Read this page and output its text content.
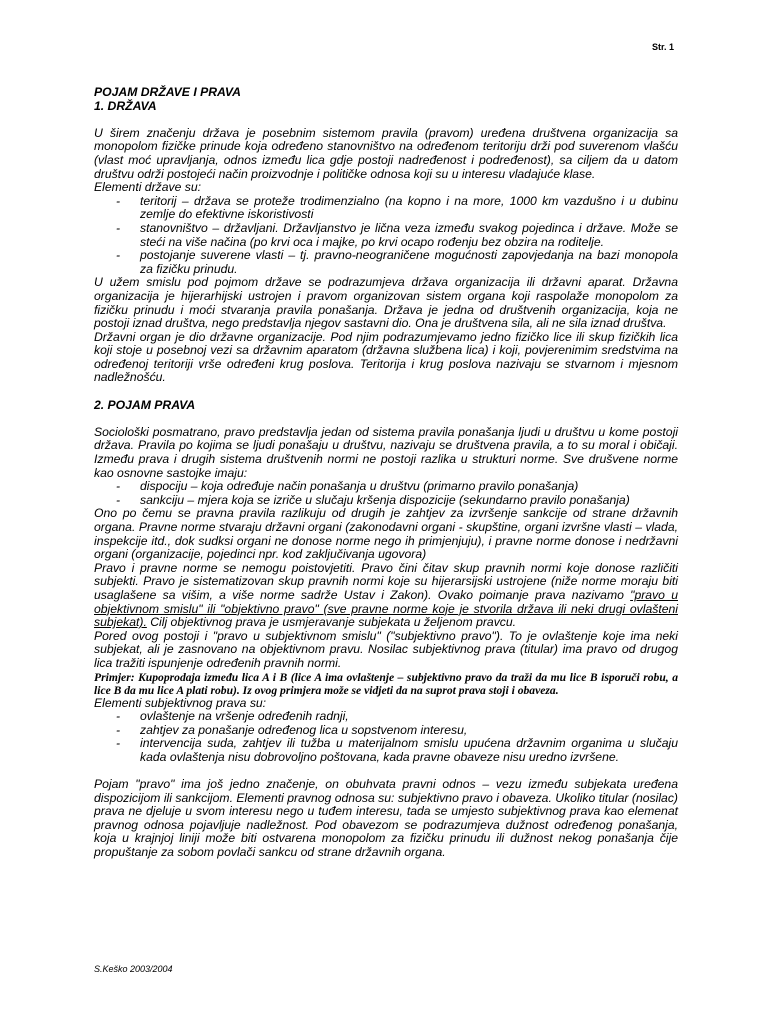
Str. 1

POJAM DRŽAVE I PRAVA

1. DRŽAVA

U širem značenju država je posebnim sistemom pravila (pravom) uređena društvena organizacija sa monopolom fizičke prinude koja određeno stanovništvo na određenom teritoriju drži pod suverenom vlašću (vlast moć upravljanja, odnos između lica gdje postoji nadređenost i podređenost), sa ciljem da u datom društvu održi postojeći način proizvodnje i političke odnosa koji su u interesu vladajuće klase.

Elementi države su:

- teritorij – država se proteže trodimenzialno (na kopno i na more, 1000 km vazdušno i u dubinu zemlje do efektivne iskoristivosti
- stanovništvo – državljani. Državljanstvo je lična veza između svakog pojedinca i države. Može se steći na više načina (po krvi oca i majke, po krvi ocapo rođenju bez obzira na roditelje.
- postojanje suverene vlasti – tj. pravno-neograničene mogućnosti zapovjedanja na bazi monopola za fizičku prinudu.

U užem smislu pod pojmom države se podrazumjeva država organizacija ili državni aparat. Državna organizacija je hijerarhijski ustrojen i pravom organizovan sistem organa koji raspolaže monopolom za fizičku prinudu i moći stvaranja pravila ponašanja. Država je jedna od društvenih organizacija, koja ne postoji iznad društva, nego predstavlja njegov sastavni dio. Ona je društvena sila, ali ne sila iznad društva.

Državni organ je dio državne organizacije. Pod njim podrazumjevamo jedno fizičko lice ili skup fizičkih lica koji stoje u posebnoj vezi sa državnim aparatom (državna službena lica) i koji, povjerenimim sredstvima na određenoj teritoriji vrše određeni krug poslova. Teritorija i krug poslova nazivaju se stvarnom i mjesnom nadležnošću.

2. POJAM PRAVA

Sociološki posmatrano, pravo predstavlja jedan od sistema pravila ponašanja ljudi u društvu u kome postoji država. Pravila po kojima se ljudi ponašaju u društvu, nazivaju se društvena pravila, a to su moral i običaji. Između prava i drugih sistema društvenih normi ne postoji razlika u strukturi norme. Sve drušvene norme kao osnovne sastojke imaju:

- dispociju – koja određuje način ponašanja u društvu (primarno pravilo ponašanja)
- sankciju – mjera koja se izriče u slučaju kršenja dispozicije (sekundarno pravilo ponašanja)

Ono po čemu se pravna pravila razlikuju od drugih je zahtjev za izvršenje sankcije od strane državnih organa. Pravne norme stvaraju državni organi (zakonodavni organi - skupštine, organi izvršne vlasti – vlada, inspekcije itd., dok sudksi organi ne donose norme nego ih primjenjuju), i pravne norme donose i nedržavni organi (organizacije, pojedinci npr. kod zaključivanja ugovora)

Pravo i pravne norme se nemogu poistovjetiti. Pravo čini čitav skup pravnih normi koje donose različiti subjekti. Pravo je sistematizovan skup pravnih normi koje su hijerarsijski ustrojene (niže norme moraju biti usaglašene sa višim, a više norme sadrže Ustav i Zakon). Ovako poimanje prava nazivamo "pravo u objektivnom smislu" ili "objektivno pravo" (sve pravne norme koje je stvorila država ili neki drugi ovlašteni subjekat). Cilj objektivnog prava je usmjeravanje subjekata u željenom pravcu.

Pored ovog postoji i "pravo u subjektivnom smislu" ("subjektivno pravo"). To je ovlaštenje koje ima neki subjekat, ali je zasnovano na objektivnom pravu. Nosilac subjektivnog prava (titular) ima pravo od drugog lica tražiti ispunjenje određenih pravnih normi.

Primjer: Kupoprodaja između lica A i B (lice A ima ovlaštenje – subjektivno pravo da traži da mu lice B isporuči robu, a lice B da mu lice A plati robu). Iz ovog primjera može se vidjeti da na suprot prava stoji i obaveza.

Elementi subjektivnog prava su:

- ovlaštenje na vršenje određenih radnji,
- zahtjev za ponašanje određenog lica u sopstvenom interesu,
- intervencija suda, zahtjev ili tužba u materijalnom smislu upućena državnim organima u slučaju kada ovlaštenja nisu dobrovoljno poštovana, kada pravne obaveze nisu uredno izvršene.

Pojam "pravo" ima još jedno značenje, on obuhvata pravni odnos – vezu između subjekata uređena dispozicijom ili sankcijom. Elementi pravnog odnosa su: subjektivno pravo i obaveza. Ukoliko titular (nosilac) prava ne djeluje u svom interesu nego u tuđem interesu, tada se umjesto subjektivnog prava kao elemenat pravnog odnosa pojavljuje nadležnost. Pod obavezom se podrazumjeva dužnost određenog ponašanja, koja u krajnjoj liniji može biti ostvarena monopolom za fizičku prinudu ili dužnost nekog ponašanja čije propuštanje za sobom povlači sankcu od strane državnih organa.

S.Keško 2003/2004
